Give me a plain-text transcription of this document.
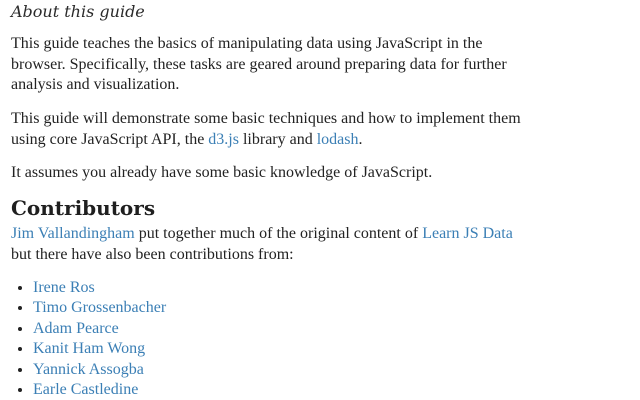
About this guide

This guide teaches the basics of manipulating data using JavaScript in the browser. Specifically, these tasks are geared around preparing data for further analysis and visualization.

This guide will demonstrate some basic techniques and how to implement them using core JavaScript API, the d3.js library and lodash.

It assumes you already have some basic knowledge of JavaScript.

Contributors

Jim Vallandingham put together much of the original content of Learn JS Data but there have also been contributions from:

• Irene Ros
• Timo Grossenbacher
• Adam Pearce
• Kanit Ham Wong
• Yannick Assogba
• Earle Castledine
